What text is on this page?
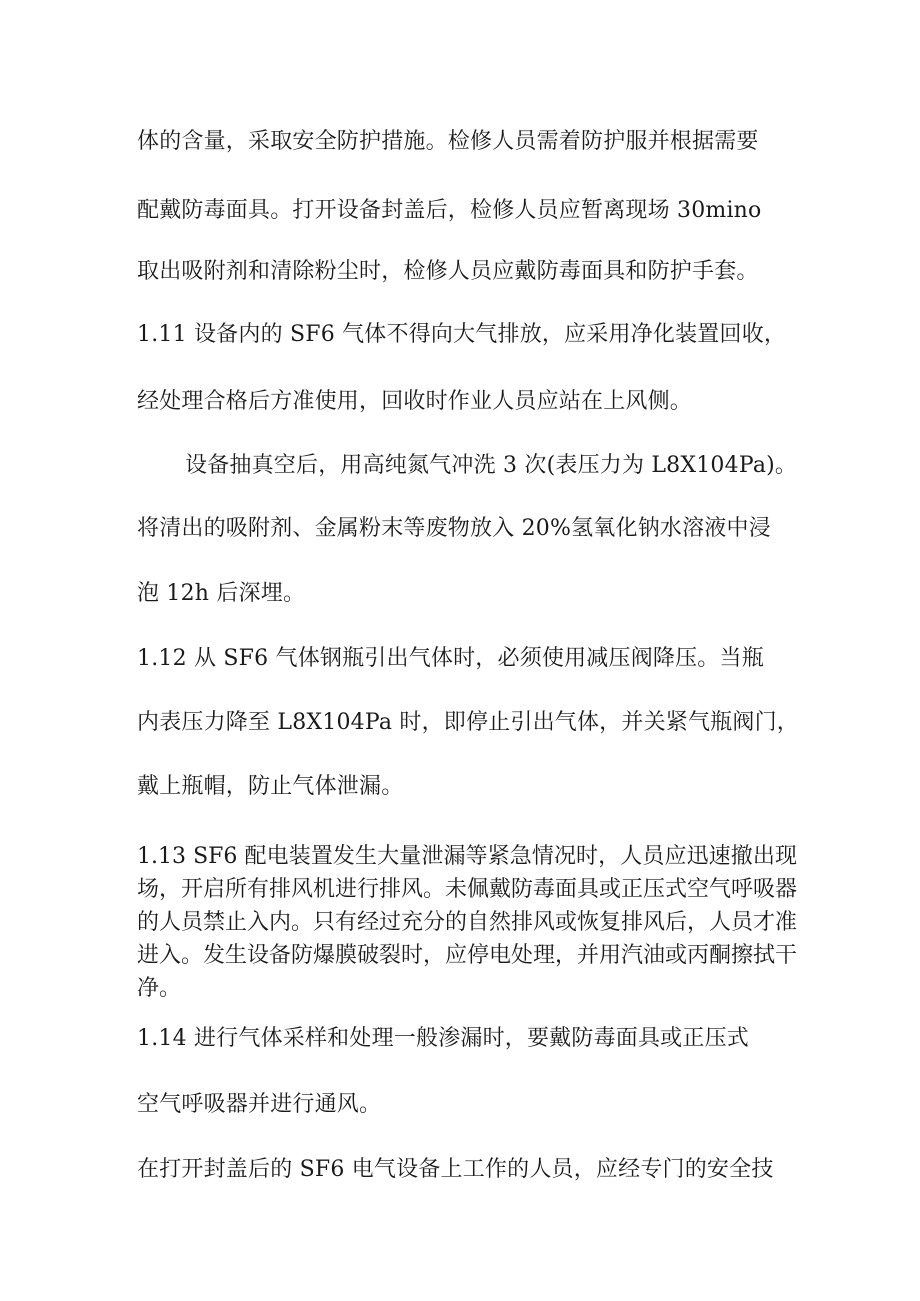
体的含量，采取安全防护措施。检修人员需着防护服并根据需要
配戴防毒面具。打开设备封盖后，检修人员应暂离现场 30mino
取出吸附剂和清除粉尘时，检修人员应戴防毒面具和防护手套。
1.11 设备内的 SF6 气体不得向大气排放，应采用净化装置回收，
经处理合格后方准使用，回收时作业人员应站在上风侧。
设备抽真空后，用高纯氮气冲洗 3 次(表压力为 L8X104Pa)。
将清出的吸附剂、金属粉末等废物放入 20%氢氧化钠水溶液中浸
泡 12h 后深埋。
1.12 从 SF6 气体钢瓶引出气体时，必须使用减压阀降压。当瓶
内表压力降至 L8X104Pa 时，即停止引出气体，并关紧气瓶阀门，
戴上瓶帽，防止气体泄漏。

1.13 SF6 配电装置发生大量泄漏等紧急情况时，人员应迅速撤出现场，开启所有排风机进行排风。未佩戴防毒面具或正压式空气呼吸器的人员禁止入内。只有经过充分的自然排风或恢复排风后，人员才准进入。发生设备防爆膜破裂时，应停电处理，并用汽油或丙酮擦拭干净。

1.14 进行气体采样和处理一般渗漏时，要戴防毒面具或正压式
空气呼吸器并进行通风。
在打开封盖后的 SF6 电气设备上工作的人员，应经专门的安全技
